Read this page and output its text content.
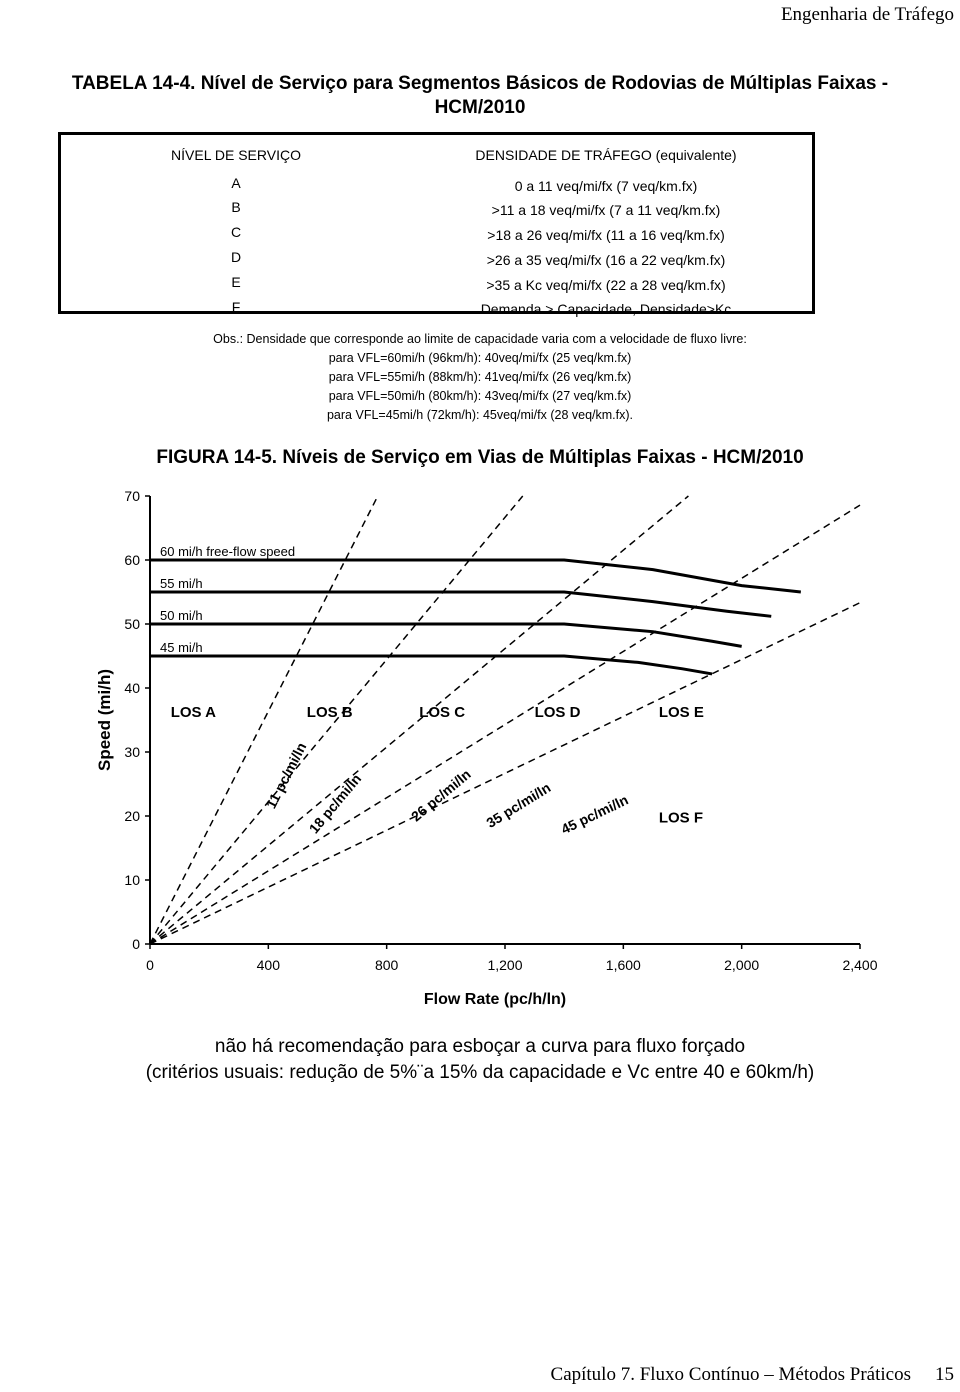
Engenharia de Tráfego
TABELA 14-4. Nível de Serviço para Segmentos Básicos de Rodovias de Múltiplas Faixas -
HCM/2010
NÍVEL DE SERVIÇO	DENSIDADE DE TRÁFEGO (equivalente)
A	0 a 11 veq/mi/fx (7 veq/km.fx)
B	>11 a 18 veq/mi/fx (7 a 11 veq/km.fx)
C	>18 a 26 veq/mi/fx (11 a 16 veq/km.fx)
D	>26 a 35 veq/mi/fx (16 a 22 veq/km.fx)
E	>35 a Kc veq/mi/fx (22 a 28 veq/km.fx)
F	Demanda > Capacidade, Densidade>Kc
Obs.: Densidade que corresponde ao limite de capacidade varia com a velocidade de fluxo livre:
para VFL=60mi/h (96km/h): 40veq/mi/fx (25 veq/km.fx)
para VFL=55mi/h (88km/h): 41veq/mi/fx (26 veq/km.fx)
para VFL=50mi/h (80km/h): 43veq/mi/fx (27 veq/km.fx)
para VFL=45mi/h (72km/h): 45veq/mi/fx (28 veq/km.fx).
FIGURA 14-5. Níveis de Serviço em Vias de Múltiplas Faixas - HCM/2010
11 pc/mi/ln
18 pc/mi/ln	26 pc/mi/ln 35 pc/mi/ln 45 pc/mi/ln
60 mi/h free-flow speed
55 mi/h
50 mi/h
45 mi/h
0
10
20
30
40
50
60
70
0	400	800	1,200	1,600	2,000	2,400
Flow Rate (pc/h/ln)
Speed (mi/h)	LOS A	LOS B	LOS C	LOS D	LOS E
LOS F
não há recomendação para esboçar a curva para fluxo forçado
(critérios usuais: redução de 5%¨a 15% da capacidade e Vc entre 40 e 60km/h)
Capítulo 7. Fluxo Contínuo – Métodos Práticos 15
